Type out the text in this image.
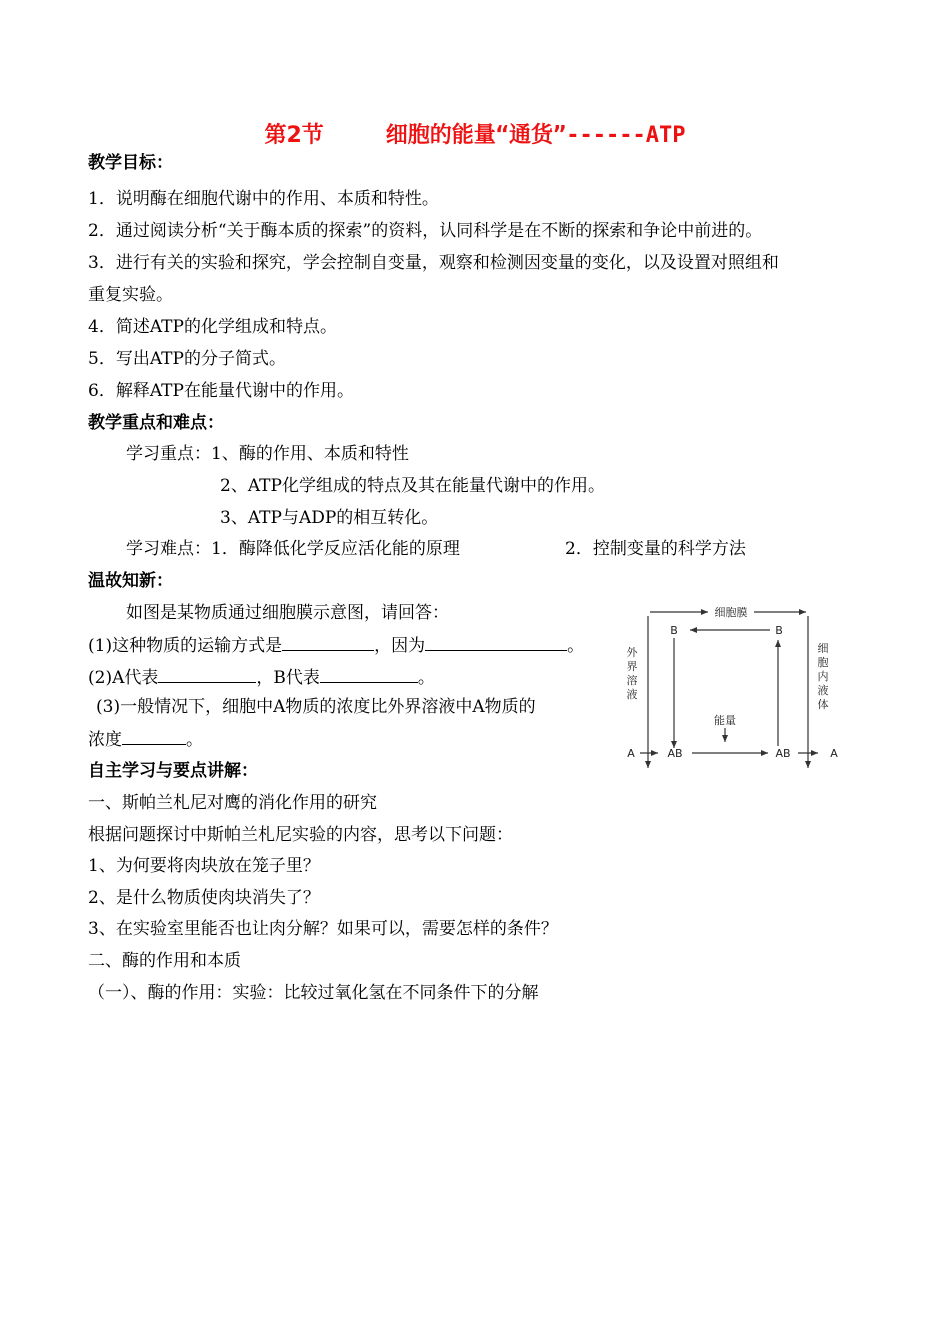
第2节	细胞的能量“通货”------ATP
教学目标：
1．说明酶在细胞代谢中的作用、本质和特性。
2．通过阅读分析“关于酶本质的探索”的资料，认同科学是在不断的探索和争论中前进的。
3．进行有关的实验和探究，学会控制自变量，观察和检测因变量的变化，以及设置对照组和
重复实验。
4．简述ATP的化学组成和特点。
5．写出ATP的分子简式。
6．解释ATP在能量代谢中的作用。
教学重点和难点：
学习重点：1、酶的作用、本质和特性
2、ATP化学组成的特点及其在能量代谢中的作用。
3、ATP与ADP的相互转化。
学习难点：1．酶降低化学反应活化能的原理	2．控制变量的科学方法
温故知新：
如图是某物质通过细胞膜示意图，请回答：
(1)这种物质的运输方式是	，因为	。
(2)A代表	，B代表	。
(3)一般情况下，细胞中A物质的浓度比外界溶液中A物质的
浓度	。
细胞膜
B	B
能量
A	AB	AB	A
外
界
溶
液
细
胞
内
液
体
自主学习与要点讲解：
一、斯帕兰札尼对鹰的消化作用的研究
根据问题探讨中斯帕兰札尼实验的内容，思考以下问题：
1、为何要将肉块放在笼子里？
2、是什么物质使肉块消失了？
3、在实验室里能否也让肉分解？如果可以，需要怎样的条件？
二、酶的作用和本质
（一）、酶的作用：实验：比较过氧化氢在不同条件下的分解
